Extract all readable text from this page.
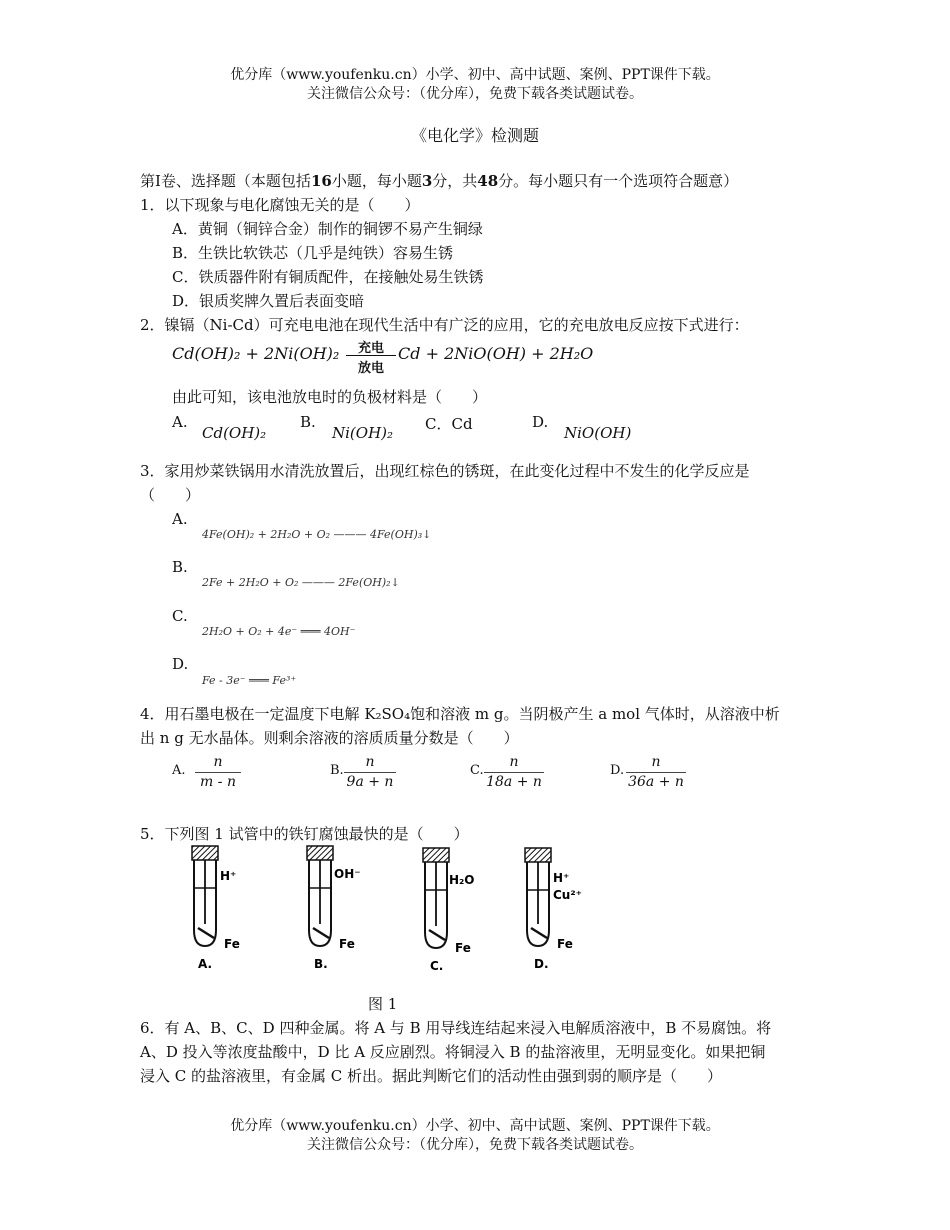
优分库（www.youfenku.cn）小学、初中、高中试题、案例、PPT课件下载。
关注微信公众号：（优分库），免费下载各类试题试卷。
《电化学》检测题
第Ⅰ卷、选择题（本题包括16小题，每小题3分，共48分。每小题只有一个选项符合题意）
1．以下现象与电化腐蚀无关的是（　　）
A．黄铜（铜锌合金）制作的铜锣不易产生铜绿
B．生铁比软铁芯（几乎是纯铁）容易生锈
C．铁质器件附有铜质配件，在接触处易生铁锈
D．银质奖牌久置后表面变暗
2．镍镉（Ni-Cd）可充电电池在现代生活中有广泛的应用，它的充电放电反应按下式进行：
Cd(OH)₂ + 2Ni(OH)₂	充电
放电
Cd + 2NiO(OH) + 2H₂O
由此可知，该电池放电时的负极材料是（　　）
A.
Cd(OH)₂
B.
Ni(OH)₂ C．Cd	D.
NiO(OH)
3．家用炒菜铁锅用水清洗放置后，出现红棕色的锈斑，在此变化过程中不发生的化学反应是
（　　）
A.
4Fe(OH)₂ + 2H₂O + O₂ ——— 4Fe(OH)₃↓
B.
2Fe + 2H₂O + O₂ ——— 2Fe(OH)₂↓
C.
2H₂O + O₂ + 4e⁻ ═══ 4OH⁻
D.
Fe - 3e⁻ ═══ Fe³⁺
4．用石墨电极在一定温度下电解 K₂SO₄饱和溶液 m g。当阴极产生 a mol 气体时，从溶液中析
出 n g 无水晶体。则剩余溶液的溶质质量分数是（　　）
A. $\frac{n}{m - n}$	B. $\frac{n}{9a + n}$	C. $\frac{n}{18a + n}$	D. $\frac{n}{36a + n}$
5．下列图 1 试管中的铁钉腐蚀最快的是（　　）
H⁺
Fe
A.
OH⁻
Fe
B.
H₂O
Fe
C.
H⁺
Cu²⁺
Fe
D.
图 1
6．有 A、B、C、D 四种金属。将 A 与 B 用导线连结起来浸入电解质溶液中，B 不易腐蚀。将
A、D 投入等浓度盐酸中，D 比 A 反应剧烈。将铜浸入 B 的盐溶液里，无明显变化。如果把铜
浸入 C 的盐溶液里，有金属 C 析出。据此判断它们的活动性由强到弱的顺序是（　　）
优分库（www.youfenku.cn）小学、初中、高中试题、案例、PPT课件下载。
关注微信公众号：（优分库），免费下载各类试题试卷。
